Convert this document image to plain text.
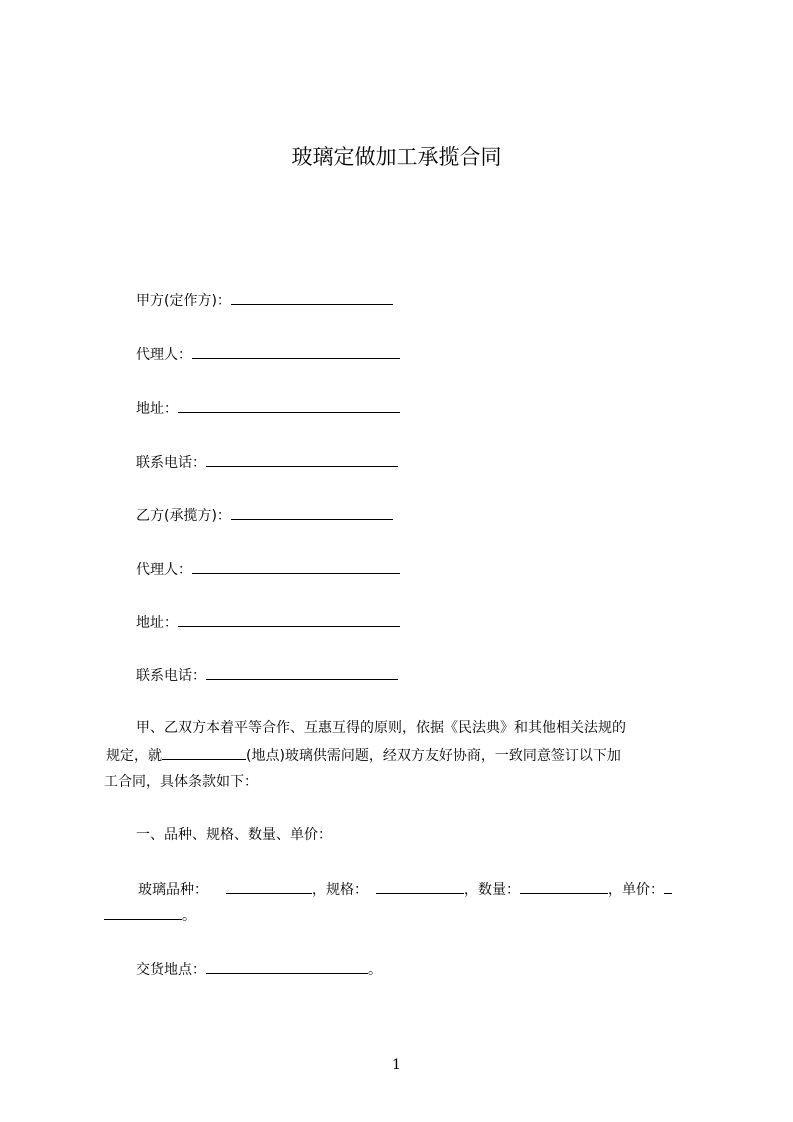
玻璃定做加工承揽合同
甲方(定作方)：
代理人：
地址：
联系电话：
乙方(承揽方)：
代理人：
地址：
联系电话：
甲、乙双方本着平等合作、互惠互得的原则，依据《民法典》和其他相关法规的
规定，就	(地点)玻璃供需问题，经双方友好协商，一致同意签订以下加
工合同，具体条款如下：
一、品种、规格、数量、单价：
玻璃品种：	，规格：	，数量：	，单价：
。
交货地点：	。
1
